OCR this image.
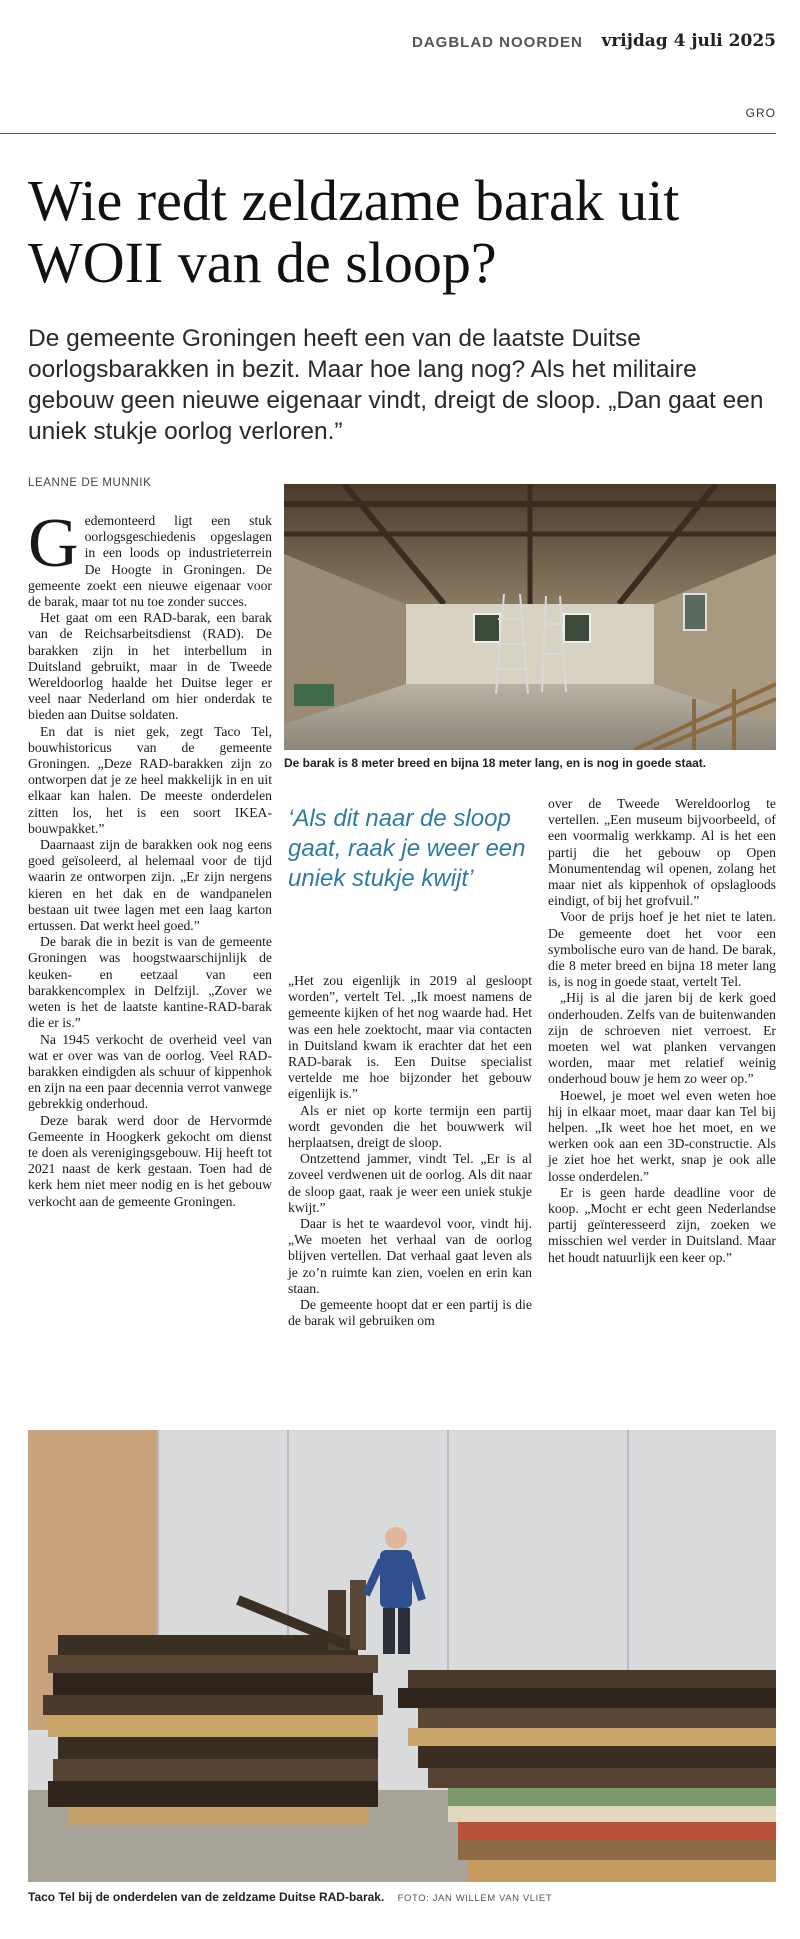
DAGBLAD NOORDEN vrijdag 4 juli 2025
GRO
Wie redt zeldzame barak uit WOII van de sloop?

De gemeente Groningen heeft een van de laatste Duitse oorlogsbarakken in bezit. Maar hoe lang nog? Als het militaire gebouw geen nieuwe eigenaar vindt, dreigt de sloop. „Dan gaat een uniek stukje oorlog verloren.”

LEANNE DE MUNNIK

Gedemonteerd ligt een stuk oorlogsgeschiedenis opgeslagen in een loods op industrieterrein De Hoogte in Groningen. De gemeente zoekt een nieuwe eigenaar voor de barak, maar tot nu toe zonder succes.

Het gaat om een RAD-barak, een barak van de Reichsarbeitsdienst (RAD). De barakken zijn in het interbellum in Duitsland gebruikt, maar in de Tweede Wereldoorlog haalde het Duitse leger er veel naar Nederland om hier onderdak te bieden aan Duitse soldaten.

En dat is niet gek, zegt Taco Tel, bouwhistoricus van de gemeente Groningen. „Deze RAD-barakken zijn zo ontworpen dat je ze heel makkelijk in en uit elkaar kan halen. De meeste onderdelen zitten los, het is een soort IKEA-bouwpakket.”

Daarnaast zijn de barakken ook nog eens goed geïsoleerd, al helemaal voor de tijd waarin ze ontworpen zijn. „Er zijn nergens kieren en het dak en de wandpanelen bestaan uit twee lagen met een laag karton ertussen. Dat werkt heel goed.”

De barak die in bezit is van de gemeente Groningen was hoogstwaarschijnlijk de keuken- en eetzaal van een barakkencomplex in Delfzijl. „Zover we weten is het de laatste kantine-RAD-barak die er is.”

Na 1945 verkocht de overheid veel van wat er over was van de oorlog. Veel RAD-barakken eindigden als schuur of kippenhok en zijn na een paar decennia verrot vanwege gebrekkig onderhoud.

Deze barak werd door de Hervormde Gemeente in Hoogkerk gekocht om dienst te doen als verenigingsgebouw. Hij heeft tot 2021 naast de kerk gestaan. Toen had de kerk hem niet meer nodig en is het gebouw verkocht aan de gemeente Groningen.

De barak is 8 meter breed en bijna 18 meter lang, en is nog in goede staat.

‘Als dit naar de sloop gaat, raak je weer een uniek stukje kwijt’

„Het zou eigenlijk in 2019 al gesloopt worden”, vertelt Tel. „Ik moest namens de gemeente kijken of het nog waarde had. Het was een hele zoektocht, maar via contacten in Duitsland kwam ik erachter dat het een RAD-barak is. Een Duitse specialist vertelde me hoe bijzonder het gebouw eigenlijk is.”

Als er niet op korte termijn een partij wordt gevonden die het bouwwerk wil herplaatsen, dreigt de sloop.

Ontzettend jammer, vindt Tel. „Er is al zoveel verdwenen uit de oorlog. Als dit naar de sloop gaat, raak je weer een uniek stukje kwijt.”

Daar is het te waardevol voor, vindt hij. „We moeten het verhaal van de oorlog blijven vertellen. Dat verhaal gaat leven als je zo’n ruimte kan zien, voelen en erin kan staan.

De gemeente hoopt dat er een partij is die de barak wil gebruiken om

over de Tweede Wereldoorlog te vertellen. „Een museum bijvoorbeeld, of een voormalig werkkamp. Al is het een partij die het gebouw op Open Monumentendag wil openen, zolang het maar niet als kippenhok of opslagloods eindigt, of bij het grofvuil.”

Voor de prijs hoef je het niet te laten. De gemeente doet het voor een symbolische euro van de hand. De barak, die 8 meter breed en bijna 18 meter lang is, is nog in goede staat, vertelt Tel.

„Hij is al die jaren bij de kerk goed onderhouden. Zelfs van de buitenwanden zijn de schroeven niet verroest. Er moeten wel wat planken vervangen worden, maar met relatief weinig onderhoud bouw je hem zo weer op.”

Hoewel, je moet wel even weten hoe hij in elkaar moet, maar daar kan Tel bij helpen. „Ik weet hoe het moet, en we werken ook aan een 3D-constructie. Als je ziet hoe het werkt, snap je ook alle losse onderdelen.”

Er is geen harde deadline voor de koop. „Mocht er echt geen Nederlandse partij geïnteresseerd zijn, zoeken we misschien wel verder in Duitsland. Maar het houdt natuurlijk een keer op.”

Taco Tel bij de onderdelen van de zeldzame Duitse RAD-barak. FOTO: JAN WILLEM VAN VLIET
